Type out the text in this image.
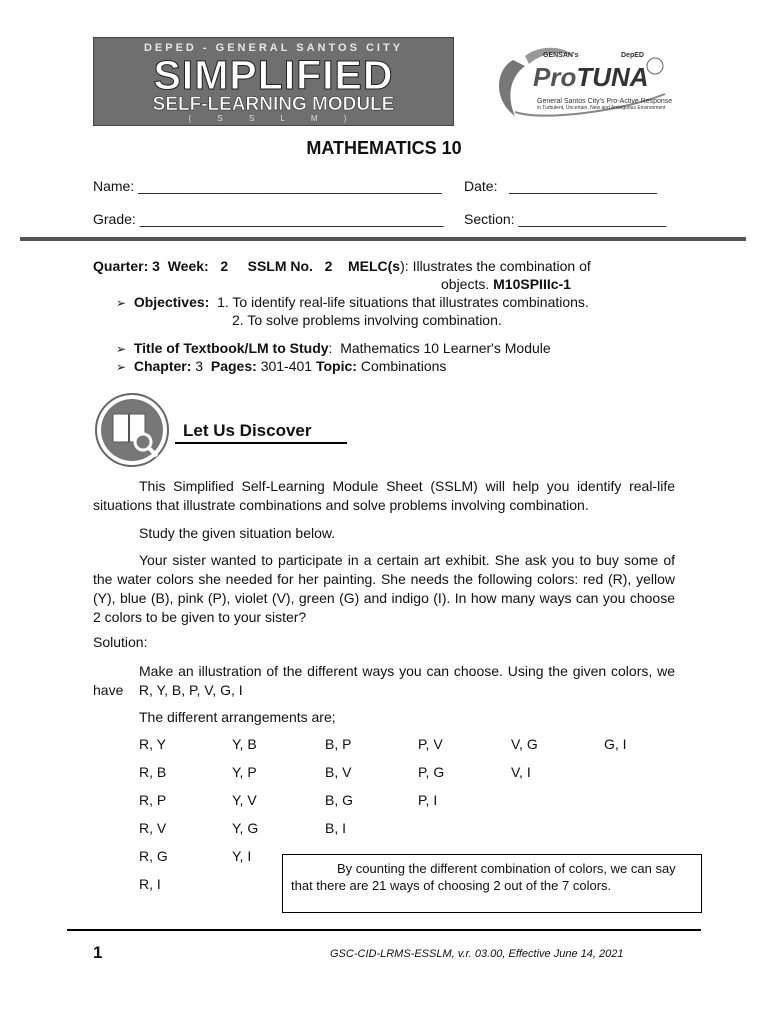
DEPED - GENERAL SANTOS CITY
SIMPLIFIED
SELF-LEARNING MODULE
( S S L M )
GENSAN's	DepED
ProTUNA
General Santos City's Pro-Active Response
in Turbulent, Uncertain, New and Ambiguous Environment
MATHEMATICS 10
Name: _______________________________________ Date: ___________________
Grade: _______________________________________ Section: ___________________
Quarter: 3 Week: 2 SSLM No. 2 MELC(s): Illustrates the combination of
objects. M10SPIIIc-1
➢ Objectives: 1. To identify real-life situations that illustrates combinations.
2. To solve problems involving combination.
➢ Title of Textbook/LM to Study:  Mathematics 10 Learner's Module
➢ Chapter: 3 Pages: 301-401 Topic: Combinations
Let Us Discover
This Simplified Self-Learning Module Sheet (SSLM) will help you identify real-life situations that illustrate combinations and solve problems involving combination.
Study the given situation below.
Your sister wanted to participate in a certain art exhibit. She ask you to buy some of the water colors she needed for her painting. She needs the following colors: red (R), yellow (Y), blue (B), pink (P), violet (V), green (G) and indigo (I). In how many ways can you choose 2 colors to be given to your sister?
Solution:
Make an illustration of the different ways you can choose. Using the given colors, we have    R, Y, B, P, V, G, I
The different arrangements are;
R, Y
R, B
R, P
R, V
R, G
R, I
Y, B
Y, P
Y, V
Y, G
Y, I
B, P
B, V
B, G
B, I
P, V
P, G
P, I
V, G
V, I
G, I
By counting the different combination of colors, we can say that there are 21 ways of choosing 2 out of the 7 colors.
1	GSC-CID-LRMS-ESSLM, v.r. 03.00, Effective June 14, 2021
